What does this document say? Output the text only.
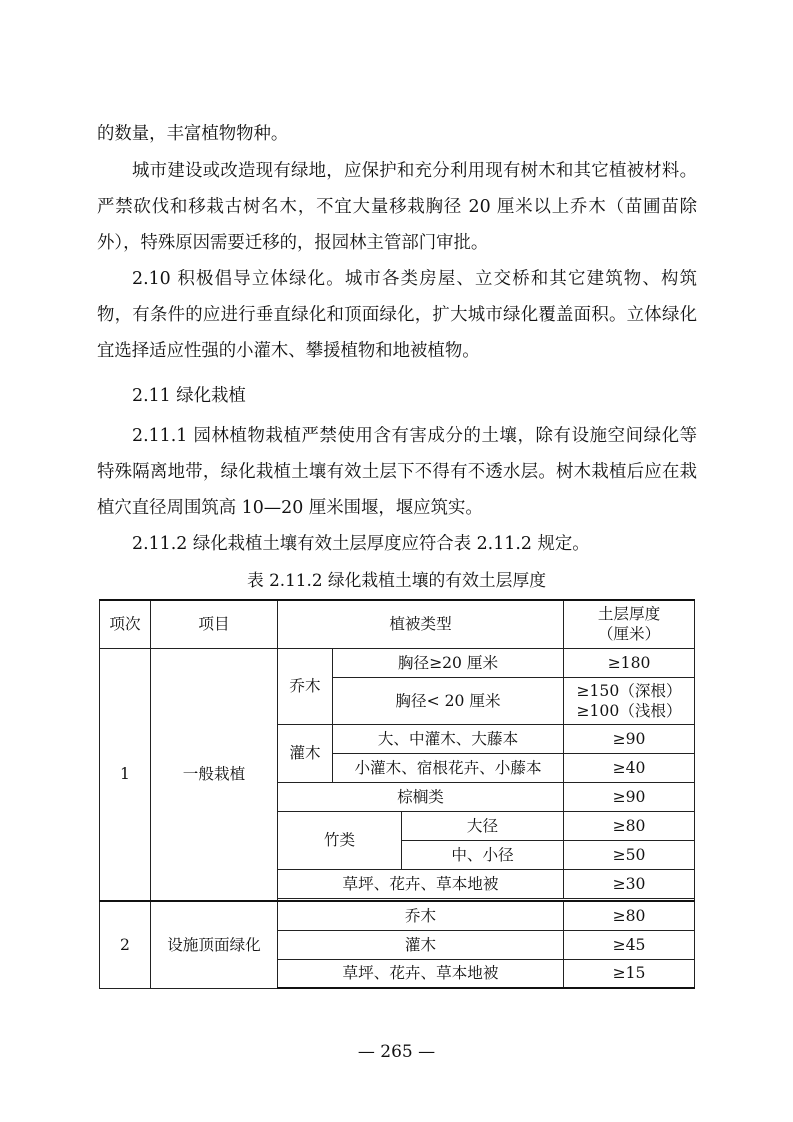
的数量，丰富植物物种。

城市建设或改造现有绿地，应保护和充分利用现有树木和其它植被材料。严禁砍伐和移栽古树名木，不宜大量移栽胸径 20 厘米以上乔木（苗圃苗除外），特殊原因需要迁移的，报园林主管部门审批。

2.10 积极倡导立体绿化。城市各类房屋、立交桥和其它建筑物、构筑物，有条件的应进行垂直绿化和顶面绿化，扩大城市绿化覆盖面积。立体绿化宜选择适应性强的小灌木、攀援植物和地被植物。

2.11 绿化栽植

2.11.1 园林植物栽植严禁使用含有害成分的土壤，除有设施空间绿化等特殊隔离地带，绿化栽植土壤有效土层下不得有不透水层。树木栽植后应在栽植穴直径周围筑高 10—20 厘米围堰，堰应筑实。

2.11.2 绿化栽植土壤有效土层厚度应符合表 2.11.2 规定。

表 2.11.2 绿化栽植土壤的有效土层厚度
项次	项目	植被类型			土层厚度
（厘米）

1	一般栽植	乔木	胸径≥20 厘米		≥180
			胸径< 20 厘米		≥150（深根）
≥100（浅根）

		灌木	大、中灌木、大藤本		≥90
			小灌木、宿根花卉、小藤本		≥40
		棕榈类			≥90
		竹类		大径	≥80
				中、小径	≥50
		草坪、花卉、草本地被			≥30

2	设施顶面绿化	乔木			≥80
		灌木			≥45
		草坪、花卉、草本地被			≥15
— 265 —
